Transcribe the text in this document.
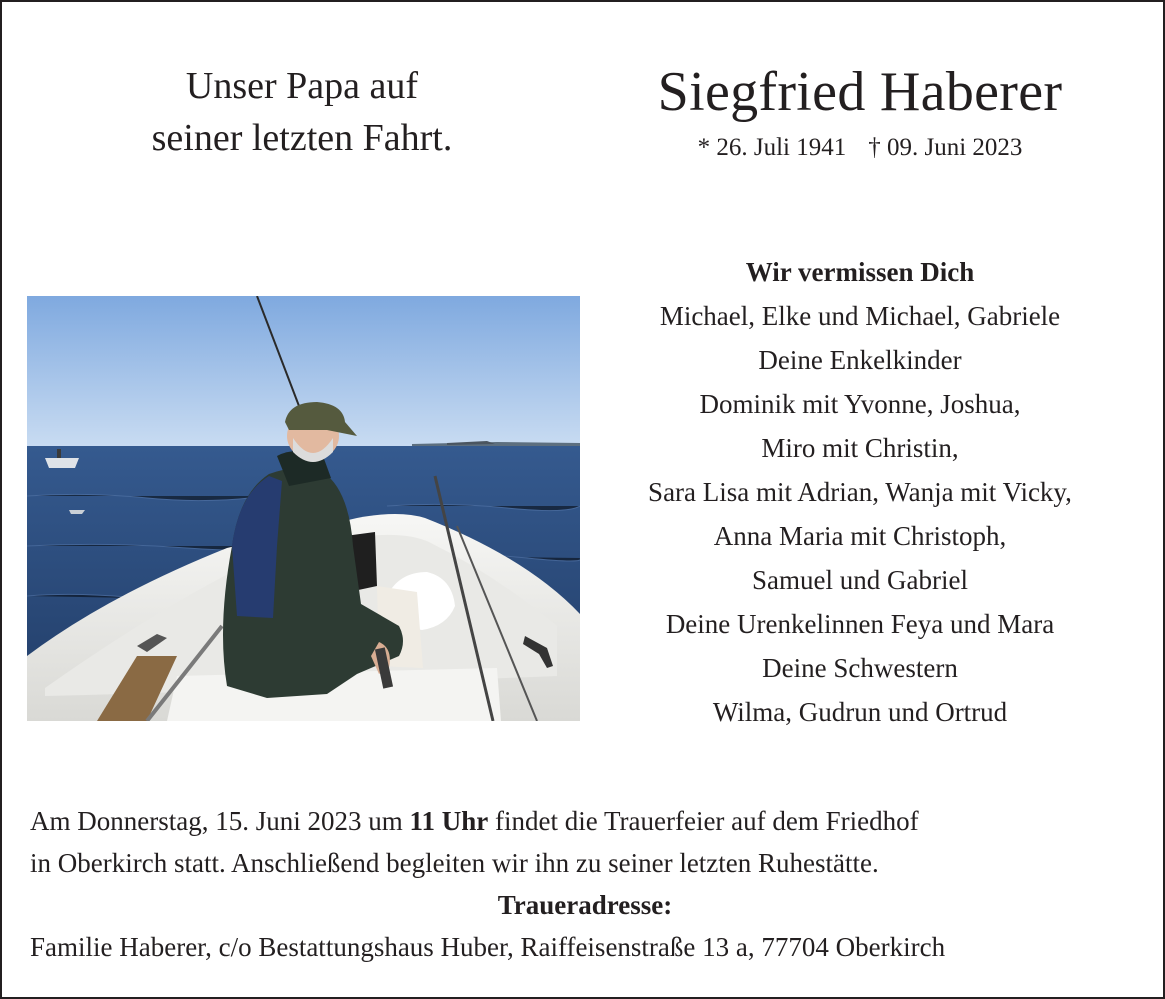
Unser Papa auf
seiner letzten Fahrt.
Siegfried Haberer
* 26. Juli 1941 † 09. Juni 2023
Wir vermissen Dich
Michael, Elke und Michael, Gabriele
Deine Enkelkinder
Dominik mit Yvonne, Joshua,
Miro mit Christin,
Sara Lisa mit Adrian, Wanja mit Vicky,
Anna Maria mit Christoph,
Samuel und Gabriel
Deine Urenkelinnen Feya und Mara
Deine Schwestern
Wilma, Gudrun und Ortrud
Am Donnerstag, 15. Juni 2023 um 11 Uhr findet die Trauerfeier auf dem Friedhof
in Oberkirch statt. Anschließend begleiten wir ihn zu seiner letzten Ruhestätte.
Traueradresse:
Familie Haberer, c/o Bestattungshaus Huber, Raiffeisenstraße 13 a, 77704 Oberkirch
